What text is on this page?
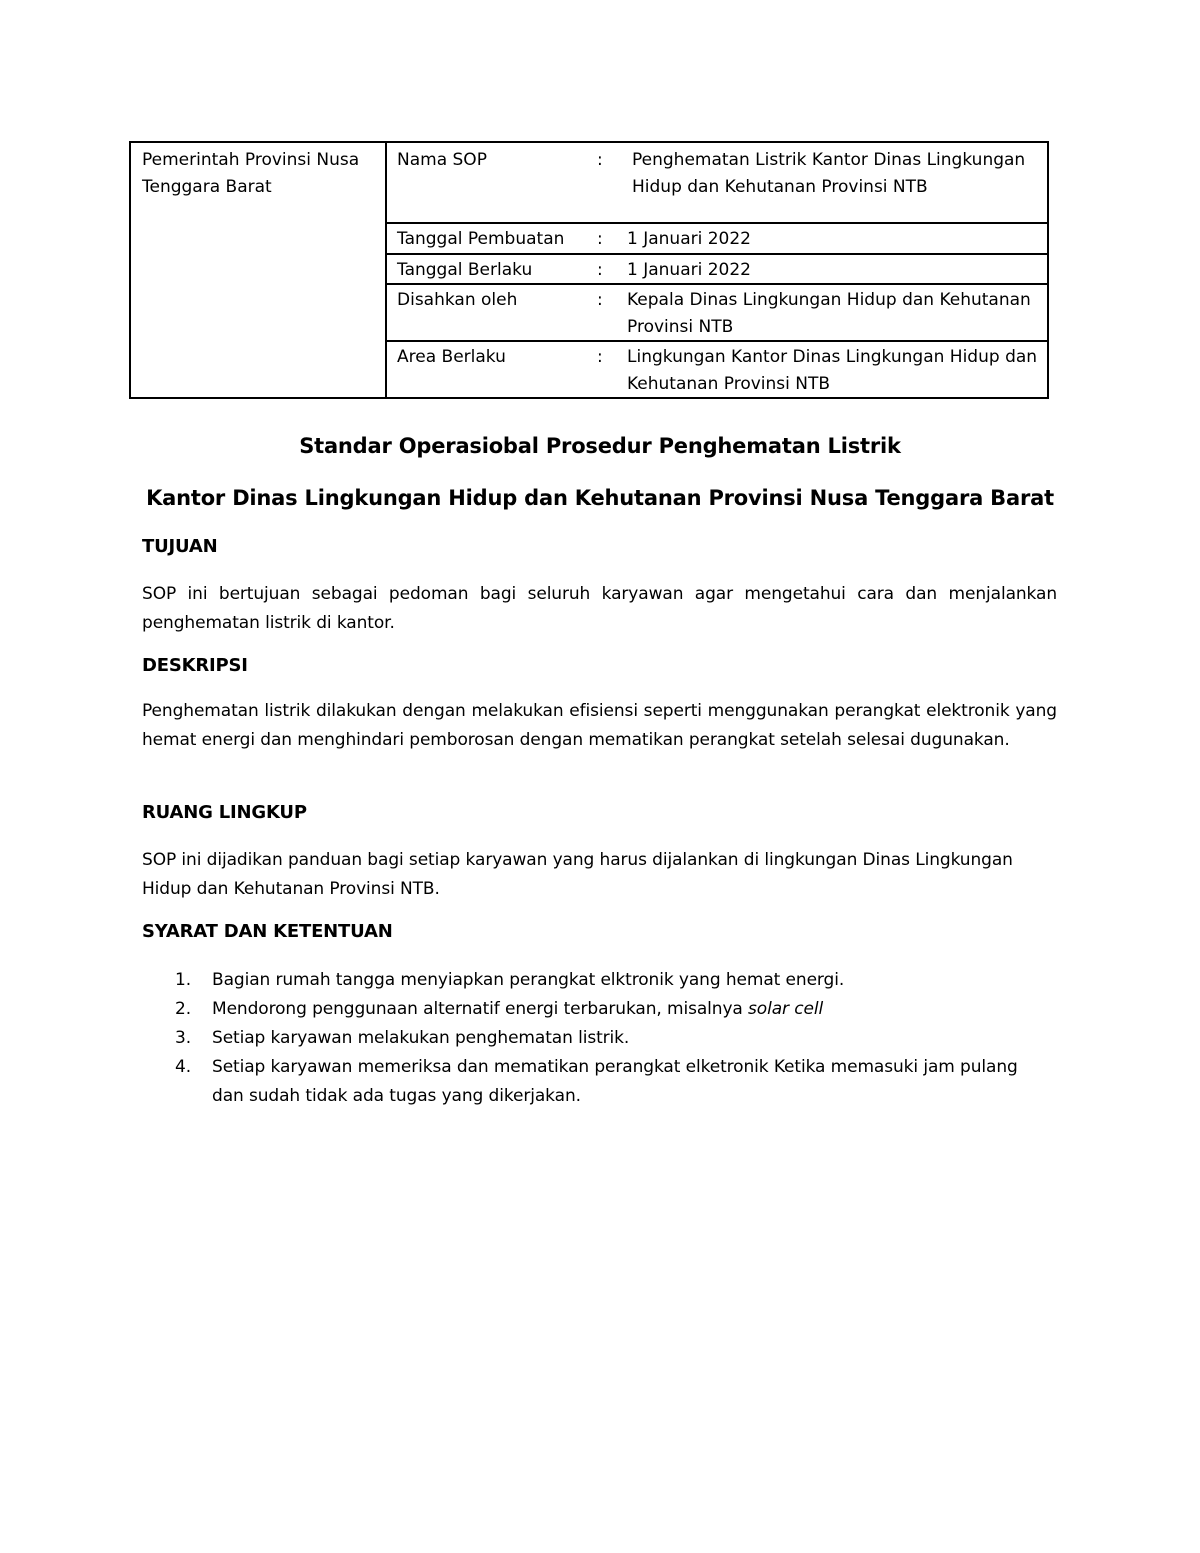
Pemerintah Provinsi Nusa Tenggara Barat	Nama SOP	:	Penghematan Listrik Kantor Dinas Lingkungan Hidup dan Kehutanan Provinsi NTB
	Tanggal Pembuatan	:	1 Januari 2022
	Tanggal Berlaku	:	1 Januari 2022
	Disahkan oleh	:	Kepala Dinas Lingkungan Hidup dan Kehutanan Provinsi NTB
	Area Berlaku	:	Lingkungan Kantor Dinas Lingkungan Hidup dan Kehutanan Provinsi NTB
Standar Operasiobal Prosedur Penghematan Listrik
Kantor Dinas Lingkungan Hidup dan Kehutanan Provinsi Nusa Tenggara Barat
TUJUAN

SOP ini bertujuan sebagai pedoman bagi seluruh karyawan agar mengetahui cara dan menjalankan penghematan listrik di kantor.

DESKRIPSI

Penghematan listrik dilakukan dengan melakukan efisiensi seperti menggunakan perangkat elektronik yang hemat energi dan menghindari pemborosan dengan mematikan perangkat setelah selesai dugunakan.

RUANG LINGKUP

SOP ini dijadikan panduan bagi setiap karyawan yang harus dijalankan di lingkungan Dinas Lingkungan Hidup dan Kehutanan Provinsi NTB.

SYARAT DAN KETENTUAN
1. Bagian rumah tangga menyiapkan perangkat elktronik yang hemat energi.
2. Mendorong penggunaan alternatif energi terbarukan, misalnya solar cell
3. Setiap karyawan melakukan penghematan listrik.
4. Setiap karyawan memeriksa dan mematikan perangkat elketronik Ketika memasuki jam pulang dan sudah tidak ada tugas yang dikerjakan.
